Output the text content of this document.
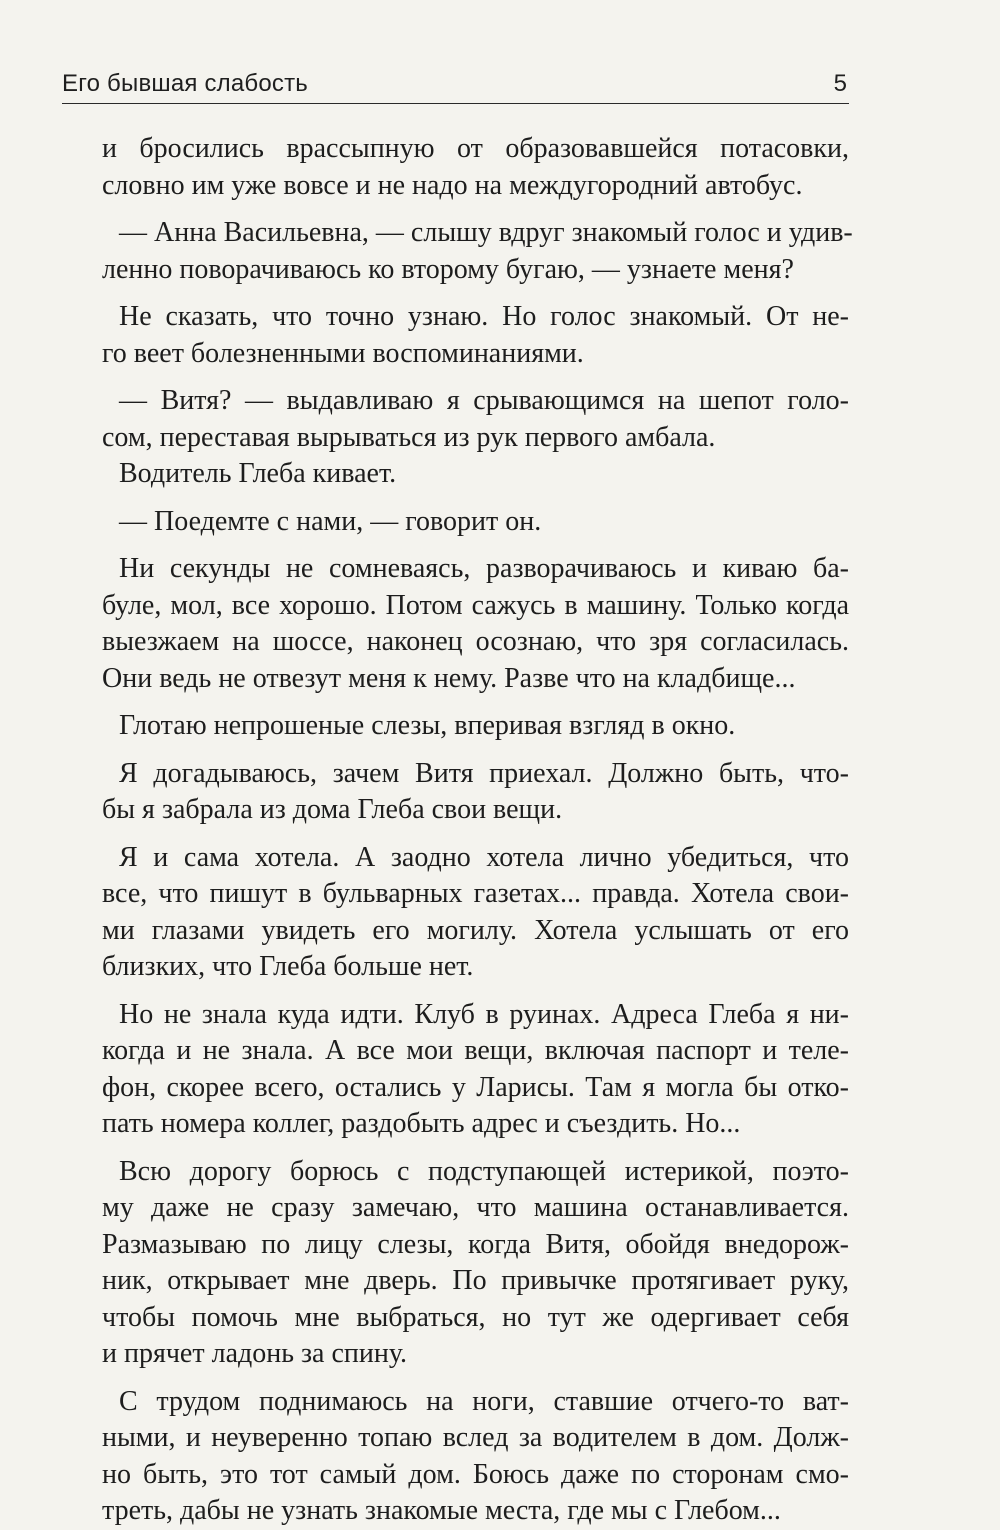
Его бывшая слабость	5
и бросились врассыпную от образовавшейся потасовки,
словно им уже вовсе и не надо на междугородний автобус.
— Анна Васильевна, — слышу вдруг знакомый голос и удив-
ленно поворачиваюсь ко второму бугаю, — узнаете меня?
Не сказать, что точно узнаю. Но голос знакомый. От не-
го веет болезненными воспоминаниями.
— Витя? — выдавливаю я срывающимся на шепот голо-
сом, переставая вырываться из рук первого амбала.
Водитель Глеба кивает.
— Поедемте с нами, — говорит он.
Ни секунды не сомневаясь, разворачиваюсь и киваю ба-
буле, мол, все хорошо. Потом сажусь в машину. Только когда
выезжаем на шоссе, наконец осознаю, что зря согласилась.
Они ведь не отвезут меня к нему. Разве что на кладбище...
Глотаю непрошеные слезы, вперивая взгляд в окно.
Я догадываюсь, зачем Витя приехал. Должно быть, что-
бы я забрала из дома Глеба свои вещи.
Я и сама хотела. А заодно хотела лично убедиться, что
все, что пишут в бульварных газетах... правда. Хотела свои-
ми глазами увидеть его могилу. Хотела услышать от его
близких, что Глеба больше нет.
Но не знала куда идти. Клуб в руинах. Адреса Глеба я ни-
когда и не знала. А все мои вещи, включая паспорт и теле-
фон, скорее всего, остались у Ларисы. Там я могла бы отко-
пать номера коллег, раздобыть адрес и съездить. Но...
Всю дорогу борюсь с подступающей истерикой, поэто-
му даже не сразу замечаю, что машина останавливается.
Размазываю по лицу слезы, когда Витя, обойдя внедорож-
ник, открывает мне дверь. По привычке протягивает руку,
чтобы помочь мне выбраться, но тут же одергивает себя
и прячет ладонь за спину.
С трудом поднимаюсь на ноги, ставшие отчего-то ват-
ными, и неуверенно топаю вслед за водителем в дом. Долж-
но быть, это тот самый дом. Боюсь даже по сторонам смо-
треть, дабы не узнать знакомые места, где мы с Глебом...
